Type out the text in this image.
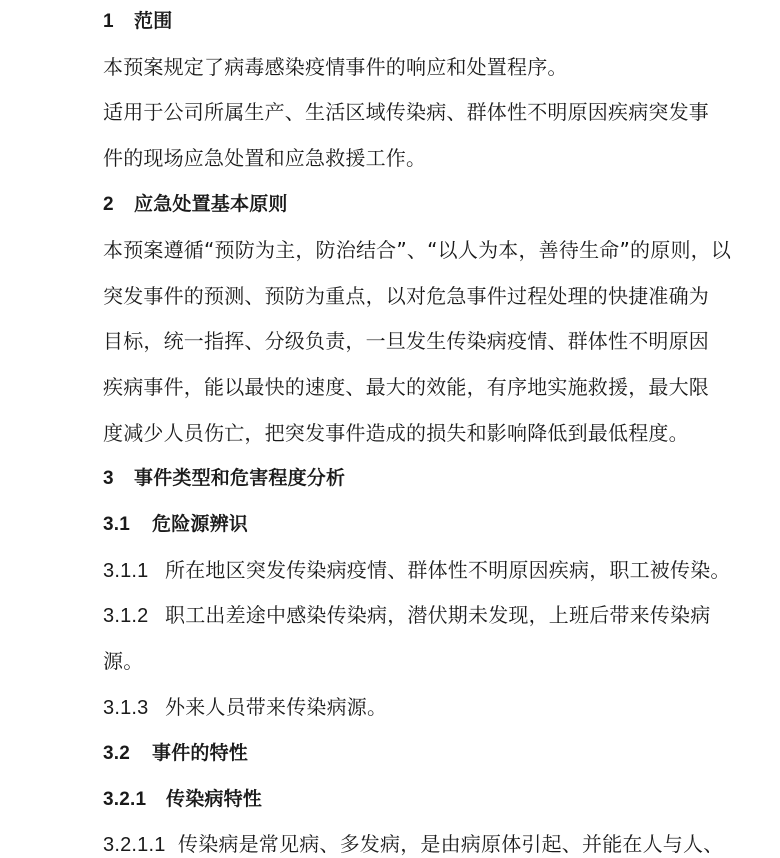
1 范围
本预案规定了病毒感染疫情事件的响应和处置程序。
适用于公司所属生产、生活区域传染病、群体性不明原因疾病突发事
件的现场应急处置和应急救援工作。
2 应急处置基本原则
本预案遵循“预防为主，防治结合”、“以人为本，善待生命”的原则，以
突发事件的预测、预防为重点，以对危急事件过程处理的快捷准确为
目标，统一指挥、分级负责，一旦发生传染病疫情、群体性不明原因
疾病事件，能以最快的速度、最大的效能，有序地实施救援，最大限
度减少人员伤亡，把突发事件造成的损失和影响降低到最低程度。
3 事件类型和危害程度分析
3.1 危险源辨识
3.1.1 所在地区突发传染病疫情、群体性不明原因疾病，职工被传染。
3.1.2 职工出差途中感染传染病，潜伏期未发现，上班后带来传染病
源。
3.1.3 外来人员带来传染病源。
3.2 事件的特性
3.2.1 传染病特性
3.2.1.1 传染病是常见病、多发病，是由病原体引起、并能在人与人、
